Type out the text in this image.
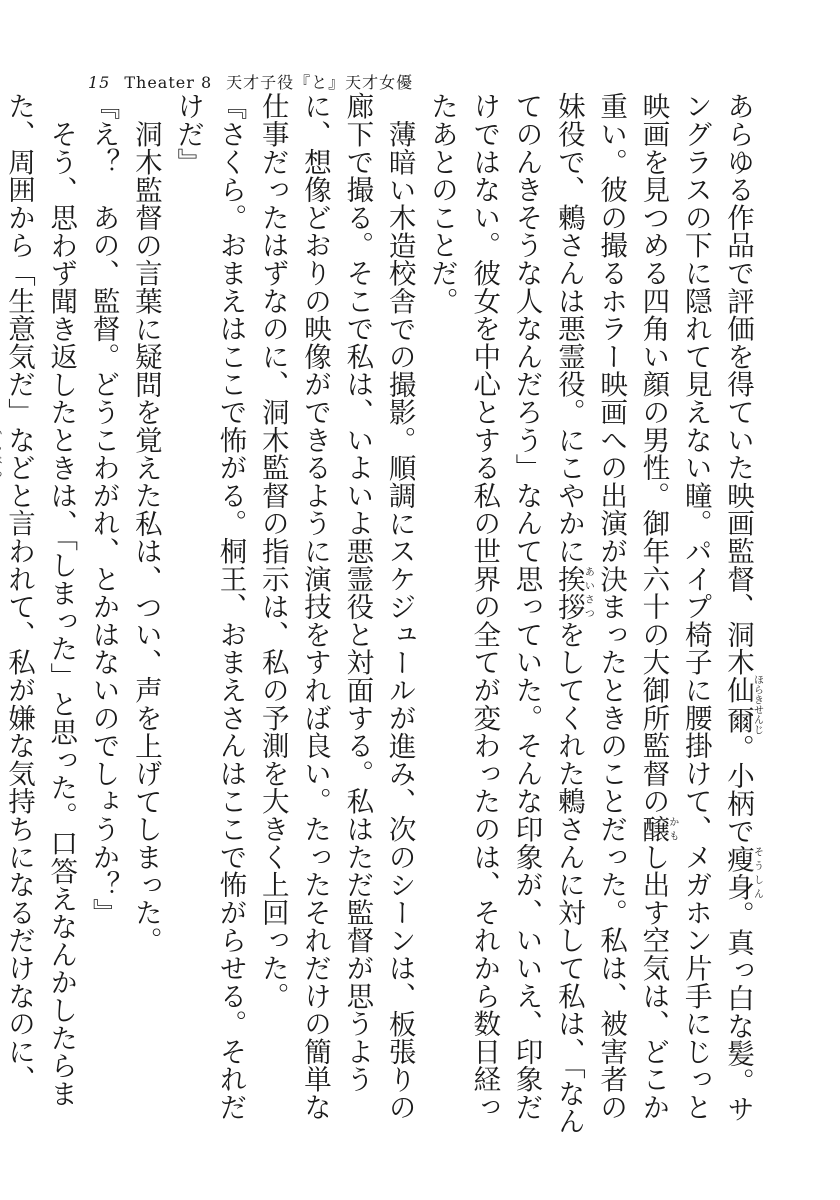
15 Theater 8 天才子役『と』天才女優

あらゆる作品で評価を得ていた映画監督、洞木仙爾ほらきせんじ。小柄で瘦身そうしん。真っ白な髪。サングラスの下に隠れて見えない瞳。パイプ椅子に腰掛けて、メガホン片手にじっと映画を見つめる四角い顔の男性。御年六十の大御所監督の醸かもし出す空気は、どこか重い。彼の撮るホラー映画への出演が決まったときのことだった。私は、被害者の妹役で、鶫さんは悪霊役。にこやかに挨拶あいさつをしてくれた鶫さんに対して私は、「なんてのんきそうな人なんだろう」なんて思っていた。そんな印象が、いいえ、印象だけではない。彼女を中心とする私の世界の全てが変わったのは、それから数日経ったあとのことだ。

薄暗い木造校舎での撮影。順調にスケジュールが進み、次のシーンは、板張りの廊下で撮る。そこで私は、いよいよ悪霊役と対面する。私はただ監督が思うように、想像どおりの映像ができるように演技をすれば良い。たったそれだけの簡単な仕事だったはずなのに、洞木監督の指示は、私の予測を大きく上回った。

『さくら。おまえはここで怖がる。桐王、おまえさんはここで怖がらせる。それだけだ』

洞木監督の言葉に疑問を覚えた私は、つい、声を上げてしまった。

『え？　あの、監督。どうこわがれ、とかはないのでしょうか？』

そう、思わず聞き返したときは、「しまった」と思った。口答えなんかしたらまた、周囲から「生意気だ」などと言われて、私が嫌な気持ちになるだけなのに、
